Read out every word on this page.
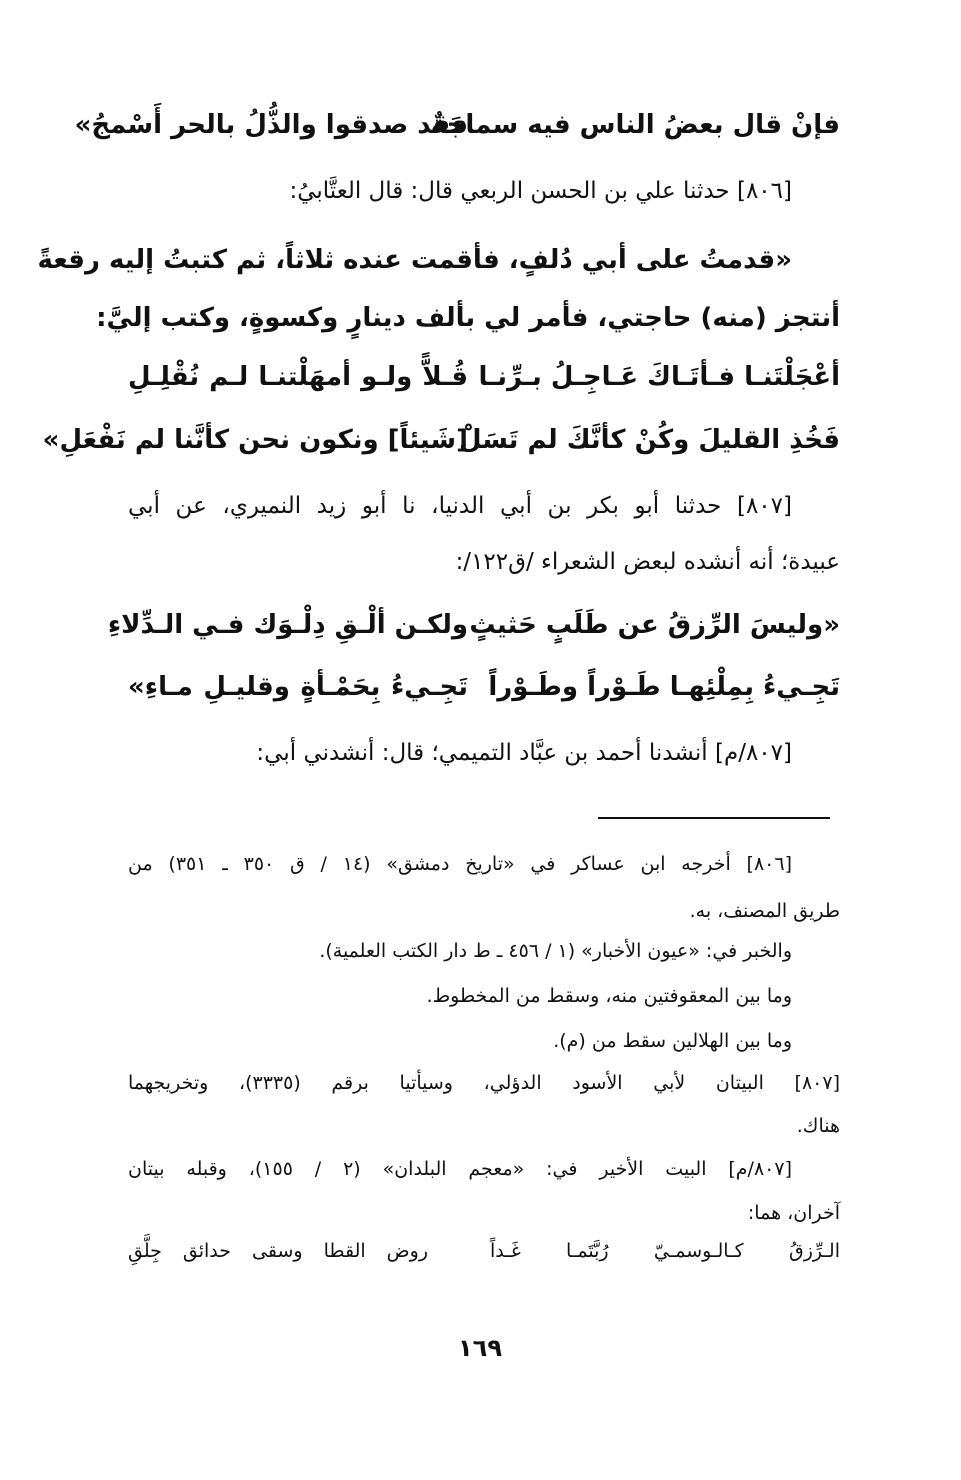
فإنْ قال بعضُ الناس فيه سماجَةٌ
فقد صدقوا والذُّلُ بالحر أَسْمجُ»
[٨٠٦] حدثنا علي بن الحسن الربعي قال: قال العتَّابيُ:
«قدمتُ على أبي دُلفٍ، فأقمت عنده ثلاثاً، ثم كتبتُ إليه رقعةً
أنتجز (منه) حاجتي، فأمر لي بألف دينارٍ وكسوةٍ، وكتب إليَّ:
أعْجَلْتَنـا فـأتَـاكَ عَـاجِـلُ بـرِّنـا
قُـلاًّ ولـو أمهَلْتنـا لـم نُقْلِـلِ
فَخُذِ القليلَ وكُنْ كأنَّكَ لم تَسَلْ
[شَيئاً] ونكون نحن كأنَّنا لم نَفْعَلِ»
[٨٠٧] حدثنا أبو بكر بن أبي الدنيا، نا أبو زيد النميري، عن أبي
عبيدة؛ أنه أنشده لبعض الشعراء /ق١٢٢/:
«وليسَ الرِّزقُ عن طَلَبٍ حَثيثٍ
ولكـن ألْـقِ دِلْـوَك فـي الـدِّلاءِ
تَجِـيءُ بِمِلْئِهـا طَـوْراً وطَـوْراً
تَجِـيءُ بِحَمْـأةٍ وقليـلِ مـاءِ»
[٨٠٧/م] أنشدنا أحمد بن عبَّاد التميمي؛ قال: أنشدني أبي:
[٨٠٦] أخرجه ابن عساكر في «تاريخ دمشق» (١٤ / ق ٣٥٠ ـ ٣٥١) من
طريق المصنف، به.
والخبر في: «عيون الأخبار» (١ / ٤٥٦ ـ ط دار الكتب العلمية).
وما بين المعقوفتين منه، وسقط من المخطوط.
وما بين الهلالين سقط من (م).
[٨٠٧] البيتان لأبي الأسود الدؤلي، وسيأتيا برقم (٣٣٣٥)، وتخريجهما
هناك.
[٨٠٧/م] البيت الأخير في: «معجم البلدان» (٢ / ١٥٥)، وقبله بيتان
آخران، هما:
الـرِّزقُ كـالـوسمـيّ رُبَّتَمـا غَـداً
روض القطا وسقى حدائق جِلَّقِ
١٦٩
